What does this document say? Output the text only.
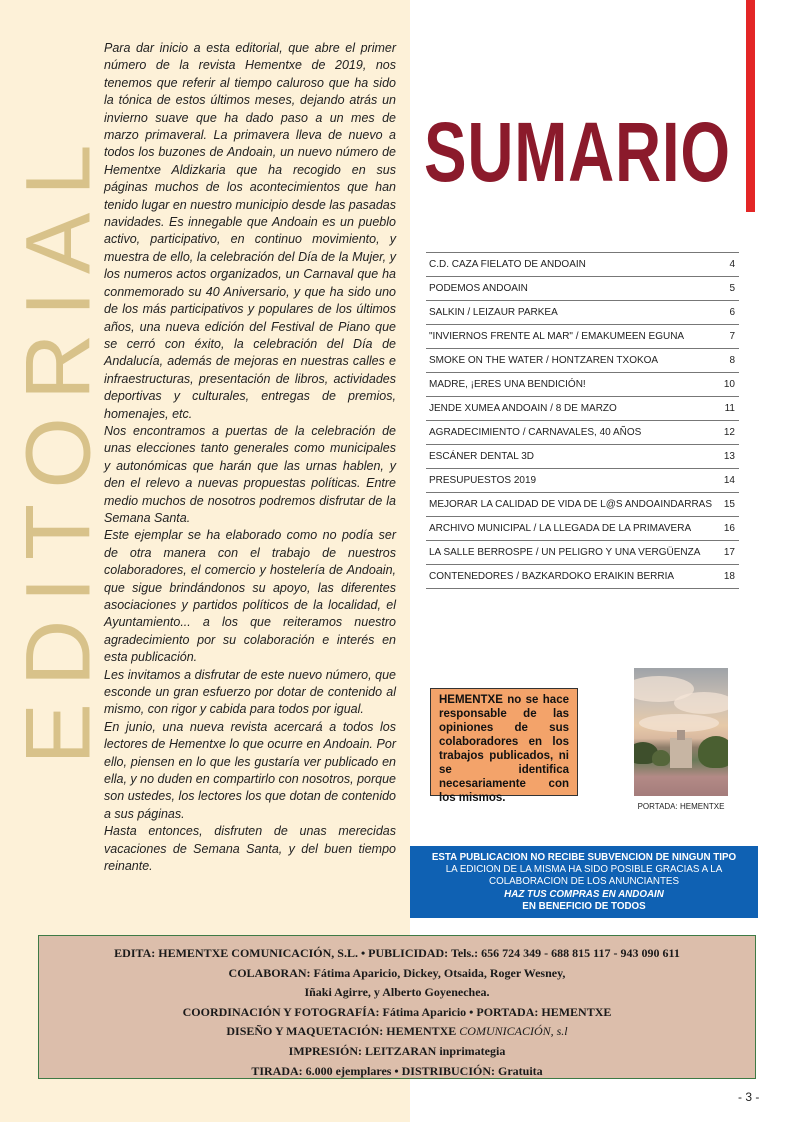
EDITORIAL

Para dar inicio a esta editorial, que abre el primer número de la revista Hementxe de 2019, nos tenemos que referir al tiempo caluroso que ha sido la tónica de estos últimos meses, dejando atrás un invierno suave que ha dado paso a un mes de marzo primaveral. La primavera lleva de nuevo a todos los buzones de Andoain, un nuevo número de Hementxe Aldizkaria que ha recogido en sus páginas muchos de los acontecimientos que han tenido lugar en nuestro municipio desde las pasadas navidades. Es innegable que Andoain es un pueblo activo, participativo, en continuo movimiento, y muestra de ello, la celebración del Día de la Mujer, y los numeros actos organizados, un Carnaval que ha conmemorado su 40 Aniversario, y que ha sido uno de los más participativos y populares de los últimos años, una nueva edición del Festival de Piano que se cerró con éxito, la celebración del Día de Andalucía, además de mejoras en nuestras calles e infraestructuras, presentación de libros, actividades deportivas y culturales, entregas de premios, homenajes, etc.

Nos encontramos a puertas de la celebración de unas elecciones tanto generales como municipales y autonómicas que harán que las urnas hablen, y den el relevo a nuevas propuestas políticas. Entre medio muchos de nosotros podremos disfrutar de la Semana Santa.

Este ejemplar se ha elaborado como no podía ser de otra manera con el trabajo de nuestros colaboradores, el comercio y hostelería de Andoain, que sigue brindándonos su apoyo, las diferentes asociaciones y partidos políticos de la localidad, el Ayuntamiento... a los que reiteramos nuestro agradecimiento por su colaboración e interés en esta publicación.

Les invitamos a disfrutar de este nuevo número, que esconde un gran esfuerzo por dotar de contenido al mismo, con rigor y cabida para todos por igual.

En junio, una nueva revista acercará a todos los lectores de Hementxe lo que ocurre en Andoain. Por ello, piensen en lo que les gustaría ver publicado en ella, y no duden en compartirlo con nosotros, porque son ustedes, los lectores los que dotan de contenido a sus páginas.

Hasta entonces, disfruten de unas merecidas vacaciones de Semana Santa, y del buen tiempo reinante.

SUMARIO
C.D. CAZA FIELATO DE ANDOAIN	4
PODEMOS ANDOAIN	5
SALKIN / LEIZAUR PARKEA	6
"INVIERNOS FRENTE AL MAR" / EMAKUMEEN EGUNA	7
SMOKE ON THE WATER / HONTZAREN TXOKOA	8
MADRE, ¡ERES UNA BENDICIÓN!	10
JENDE XUMEA ANDOAIN / 8 DE MARZO	11
AGRADECIMIENTO / CARNAVALES, 40 AÑOS	12
ESCÁNER DENTAL 3D	13
PRESUPUESTOS 2019	14
MEJORAR LA CALIDAD DE VIDA DE L@S ANDOAINDARRAS	15
ARCHIVO MUNICIPAL / LA LLEGADA DE LA PRIMAVERA	16
LA SALLE BERROSPE / UN PELIGRO Y UNA VERGÜENZA	17
CONTENEDORES / BAZKARDOKO ERAIKIN BERRIA	18
HEMENTXE no se hace responsable de las opiniones de sus colaboradores en los trabajos publicados, ni se identifica necesariamente con los mismos.
PORTADA: HEMENTXE
ESTA PUBLICACION NO RECIBE SUBVENCION DE NINGUN TIPO
LA EDICION DE LA MISMA HA SIDO POSIBLE GRACIAS A LA COLABORACION DE LOS ANUNCIANTES
HAZ TUS COMPRAS EN ANDOAIN
EN BENEFICIO DE TODOS
EDITA: HEMENTXE COMUNICACIÓN, S.L. • PUBLICIDAD: Tels.: 656 724 349 - 688 815 117 - 943 090 611
COLABORAN: Fátima Aparicio, Dickey, Otsaida, Roger Wesney,
Iñaki Agirre, y Alberto Goyenechea.
COORDINACIÓN Y FOTOGRAFÍA: Fátima Aparicio • PORTADA: HEMENTXE
DISEÑO Y MAQUETACIÓN: HEMENTXE COMUNICACIÓN, s.l
IMPRESIÓN: LEITZARAN inprimategia
TIRADA: 6.000 ejemplares • DISTRIBUCIÓN: Gratuita
- 3 -
